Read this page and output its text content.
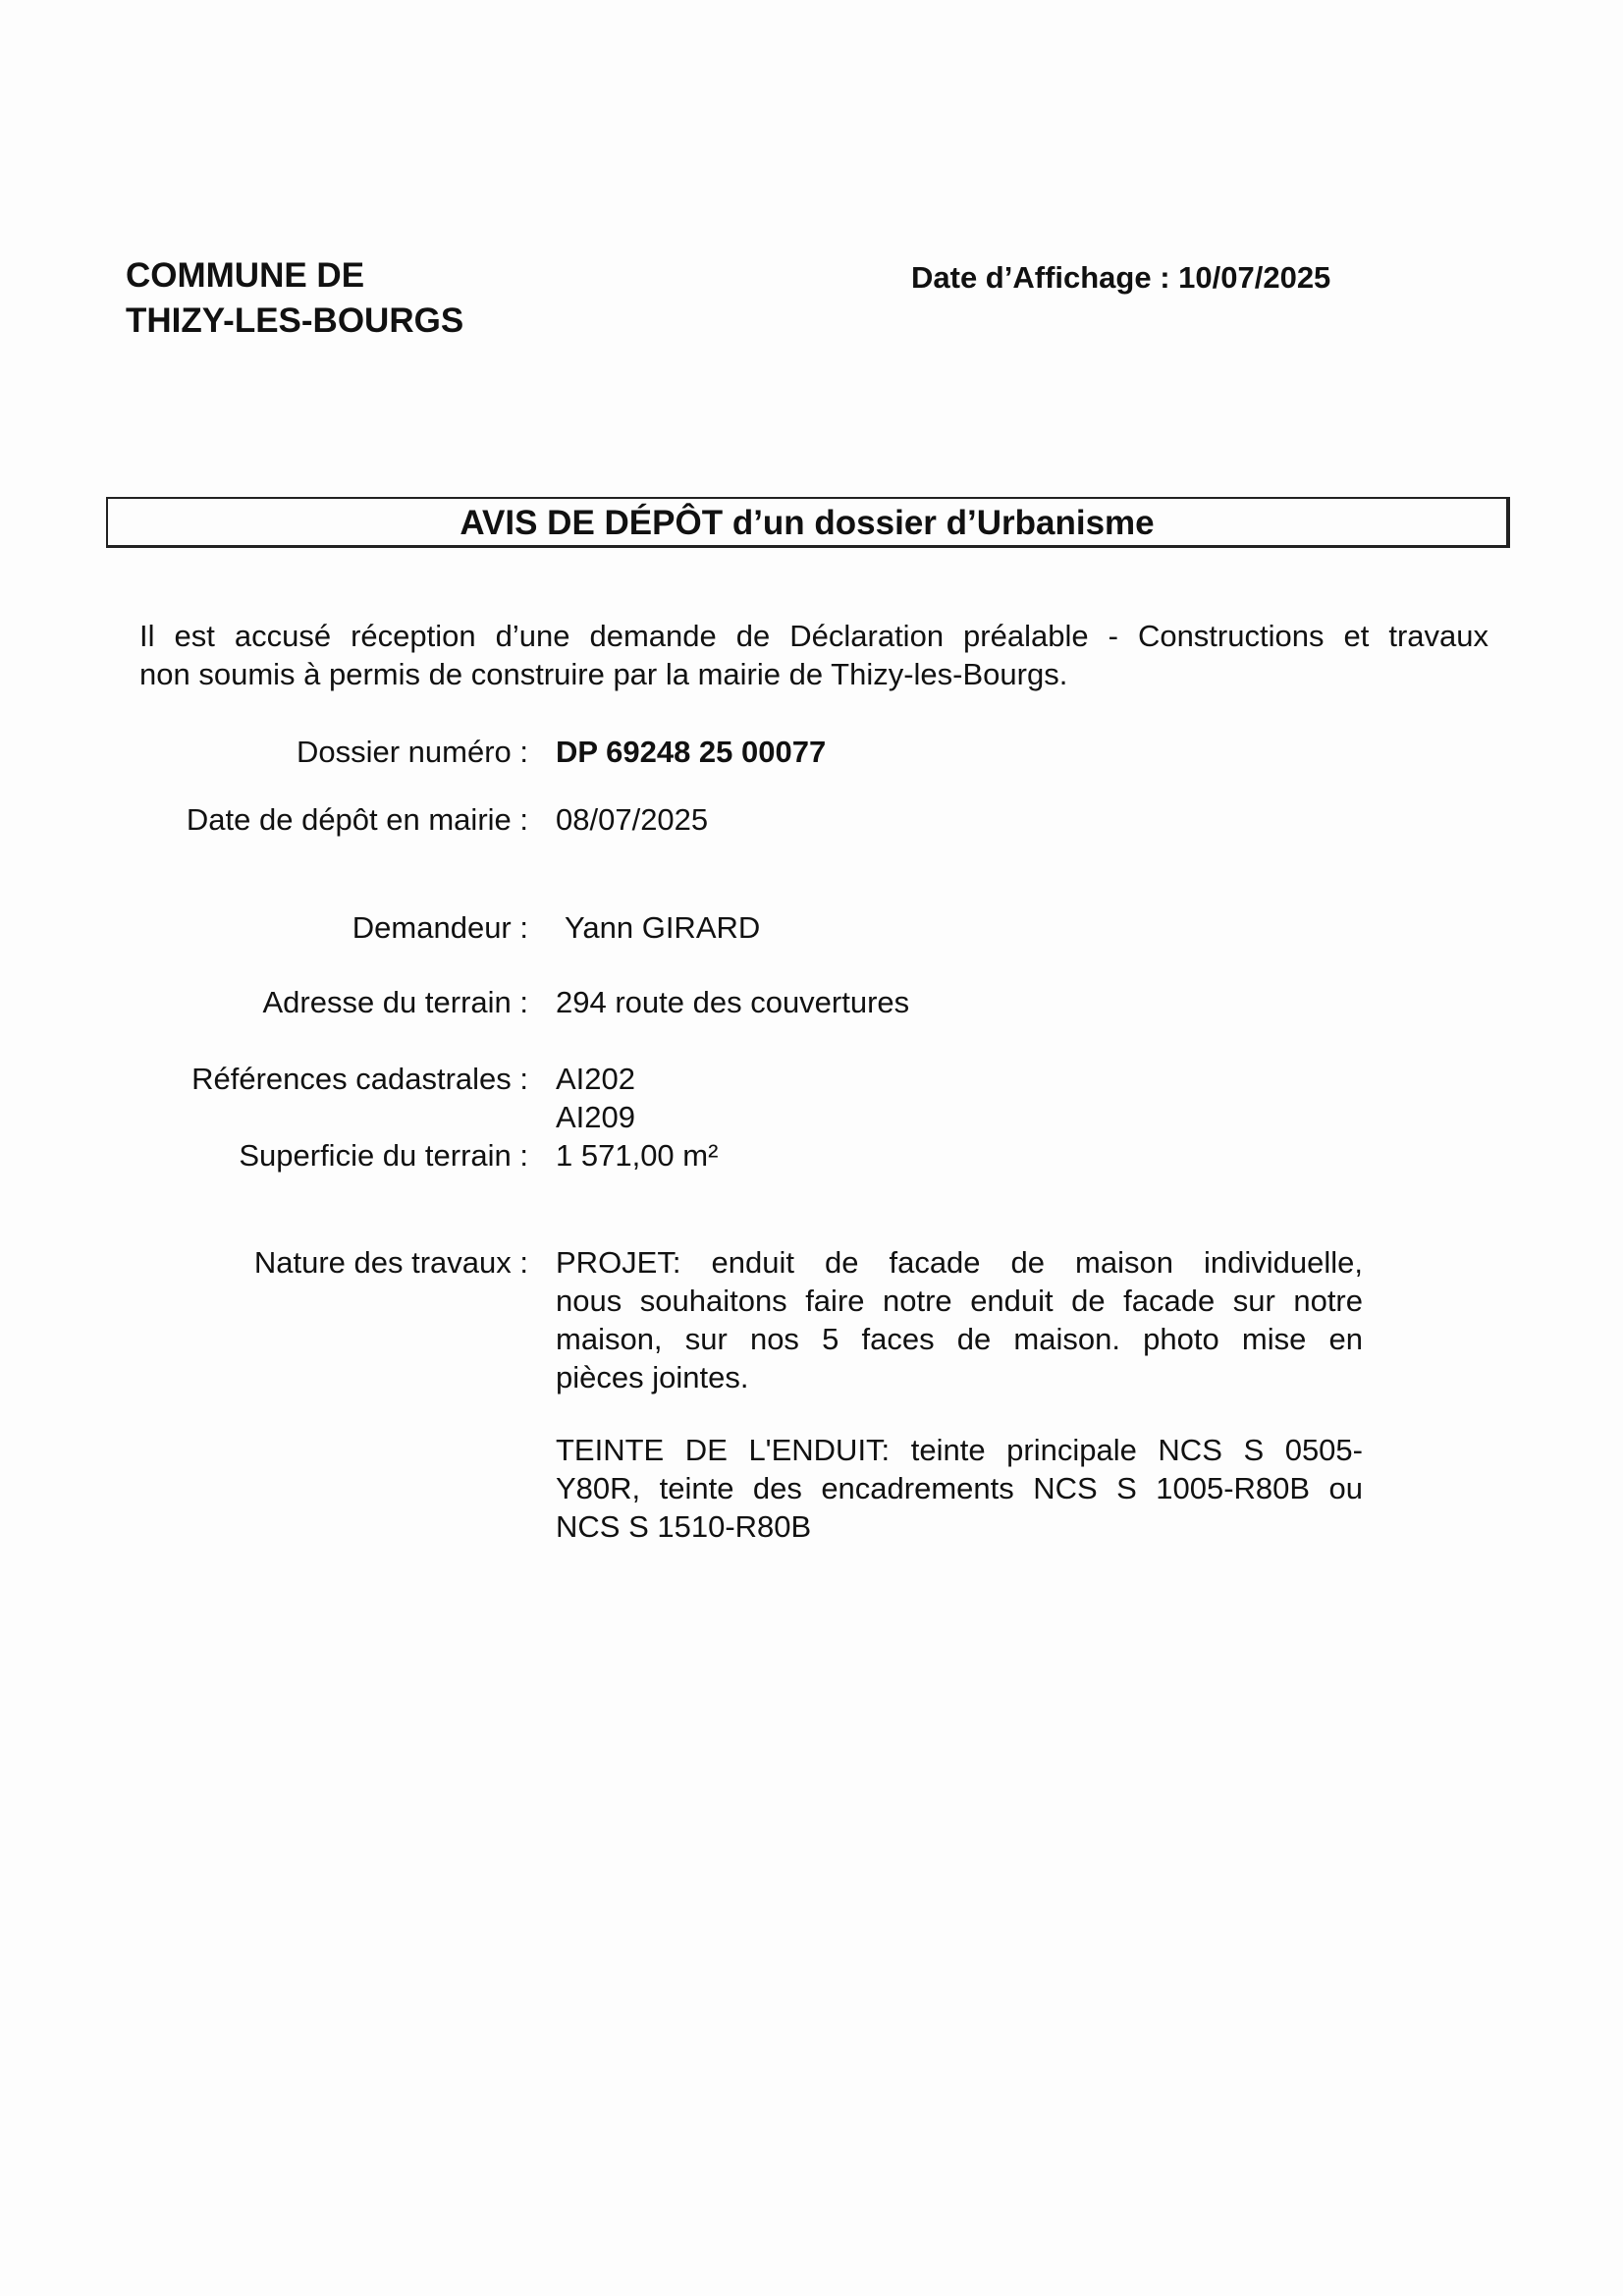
COMMUNE DE
THIZY-LES-BOURGS
Date d’Affichage : 10/07/2025
AVIS DE DÉPÔT d’un dossier d’Urbanisme
Il est accusé réception d’une demande de Déclaration préalable - Constructions et travaux
non soumis à permis de construire par la mairie de Thizy-les-Bourgs.
Dossier numéro : DP 69248 25 00077
Date de dépôt en mairie : 08/07/2025
Demandeur : Yann GIRARD
Adresse du terrain : 294 route des couvertures
Références cadastrales : AI202
AI209
Superficie du terrain : 1 571,00 m²
Nature des travaux : PROJET: enduit de facade de maison individuelle,
nous souhaitons faire notre enduit de facade sur notre
maison, sur nos 5 faces de maison. photo mise en
pièces jointes.
TEINTE DE L'ENDUIT: teinte principale NCS S 0505-
Y80R, teinte des encadrements NCS S 1005-R80B ou
NCS S 1510-R80B
